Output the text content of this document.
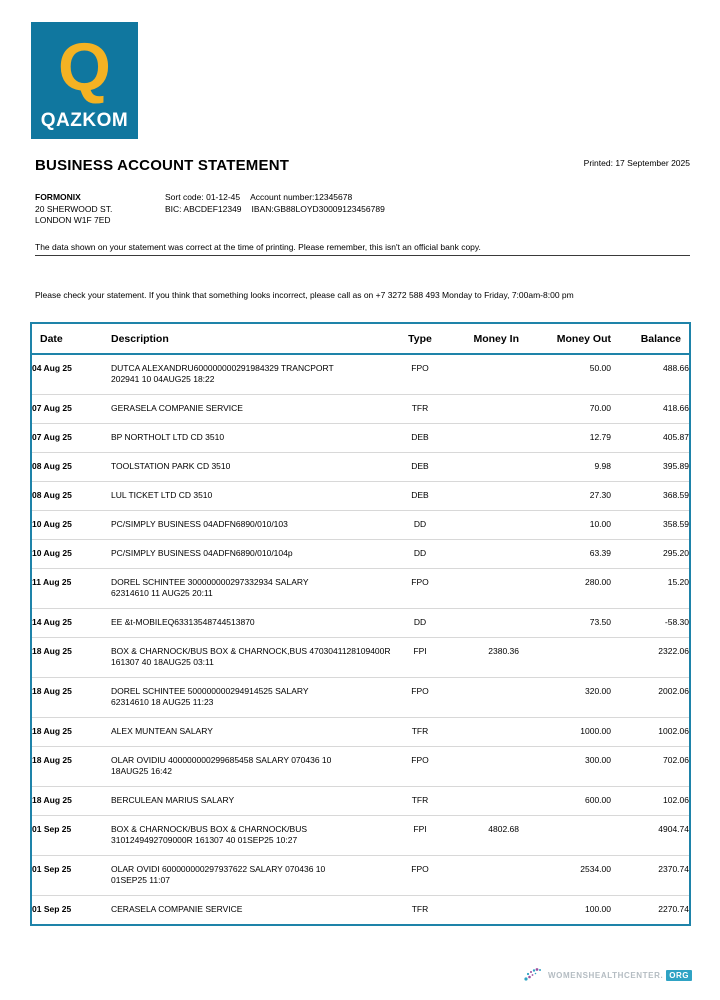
Q
QAZKOM
BUSINESS ACCOUNT STATEMENT	Printed: 17 September 2025
FORMONIX
20 SHERWOOD ST.
LONDON W1F 7ED
Sort code: 01-12-45 Account number:12345678
BIC: ABCDEF12349 IBAN:GB88LOYD30009123456789
The data shown on your statement was correct at the time of printing. Please remember, this isn't an official bank copy.
Please check your statement. If you think that something looks incorrect, please call as on +7 3272 588 493 Monday to Friday, 7:00am-8:00 pm
Date	Description	Type	Money In	Money Out	Balance
04 Aug 25	DUTCA ALEXANDRU600000000291984329 TRANCPORT
202941 10 04AUG25 18:22	FPO		50.00	488.66
07 Aug 25	GERASELA COMPANIE SERVICE	TFR		70.00	418.66
07 Aug 25	BP NORTHOLT LTD CD 3510	DEB		12.79	405.87
08 Aug 25	TOOLSTATION PARK CD 3510	DEB		9.98	395.89
08 Aug 25	LUL TICKET LTD CD 3510	DEB		27.30	368.59
10 Aug 25	PC/SIMPLY BUSINESS 04ADFN6890/010/103	DD		10.00	358.59
10 Aug 25	PC/SIMPLY BUSINESS 04ADFN6890/010/104p	DD		63.39	295.20
11 Aug 25	DOREL SCHINTEE 300000000297332934 SALARY
62314610 11 AUG25 20:11	FPO		280.00	15.20
14 Aug 25	EE &t-MOBILEQ63313548744513870	DD		73.50	-58.30
18 Aug 25	BOX & CHARNOCK/BUS BOX & CHARNOCK,BUS 4703041128109400R
161307 40 18AUG25 03:11	FPI	2380.36		2322.06
18 Aug 25	DOREL SCHINTEE 500000000294914525 SALARY
62314610 18 AUG25 11:23	FPO		320.00	2002.06
18 Aug 25	ALEX MUNTEAN SALARY	TFR		1000.00	1002.06
18 Aug 25	OLAR OVIDIU 400000000299685458 SALARY 070436 10
18AUG25 16:42	FPO		300.00	702.06
18 Aug 25	BERCULEAN MARIUS SALARY	TFR		600.00	102.06
01 Sep 25	BOX & CHARNOCK/BUS BOX & CHARNOCK/BUS
3101249492709000R 161307 40 01SEP25 10:27	FPI	4802.68		4904.74
01 Sep 25	OLAR OVIDI 600000000297937622 SALARY 070436 10
01SEP25 11:07	FPO		2534.00	2370.74
01 Sep 25	CERASELA COMPANIE SERVICE	TFR		100.00	2270.74
WOMENSHEALTHCENTER. ORG
